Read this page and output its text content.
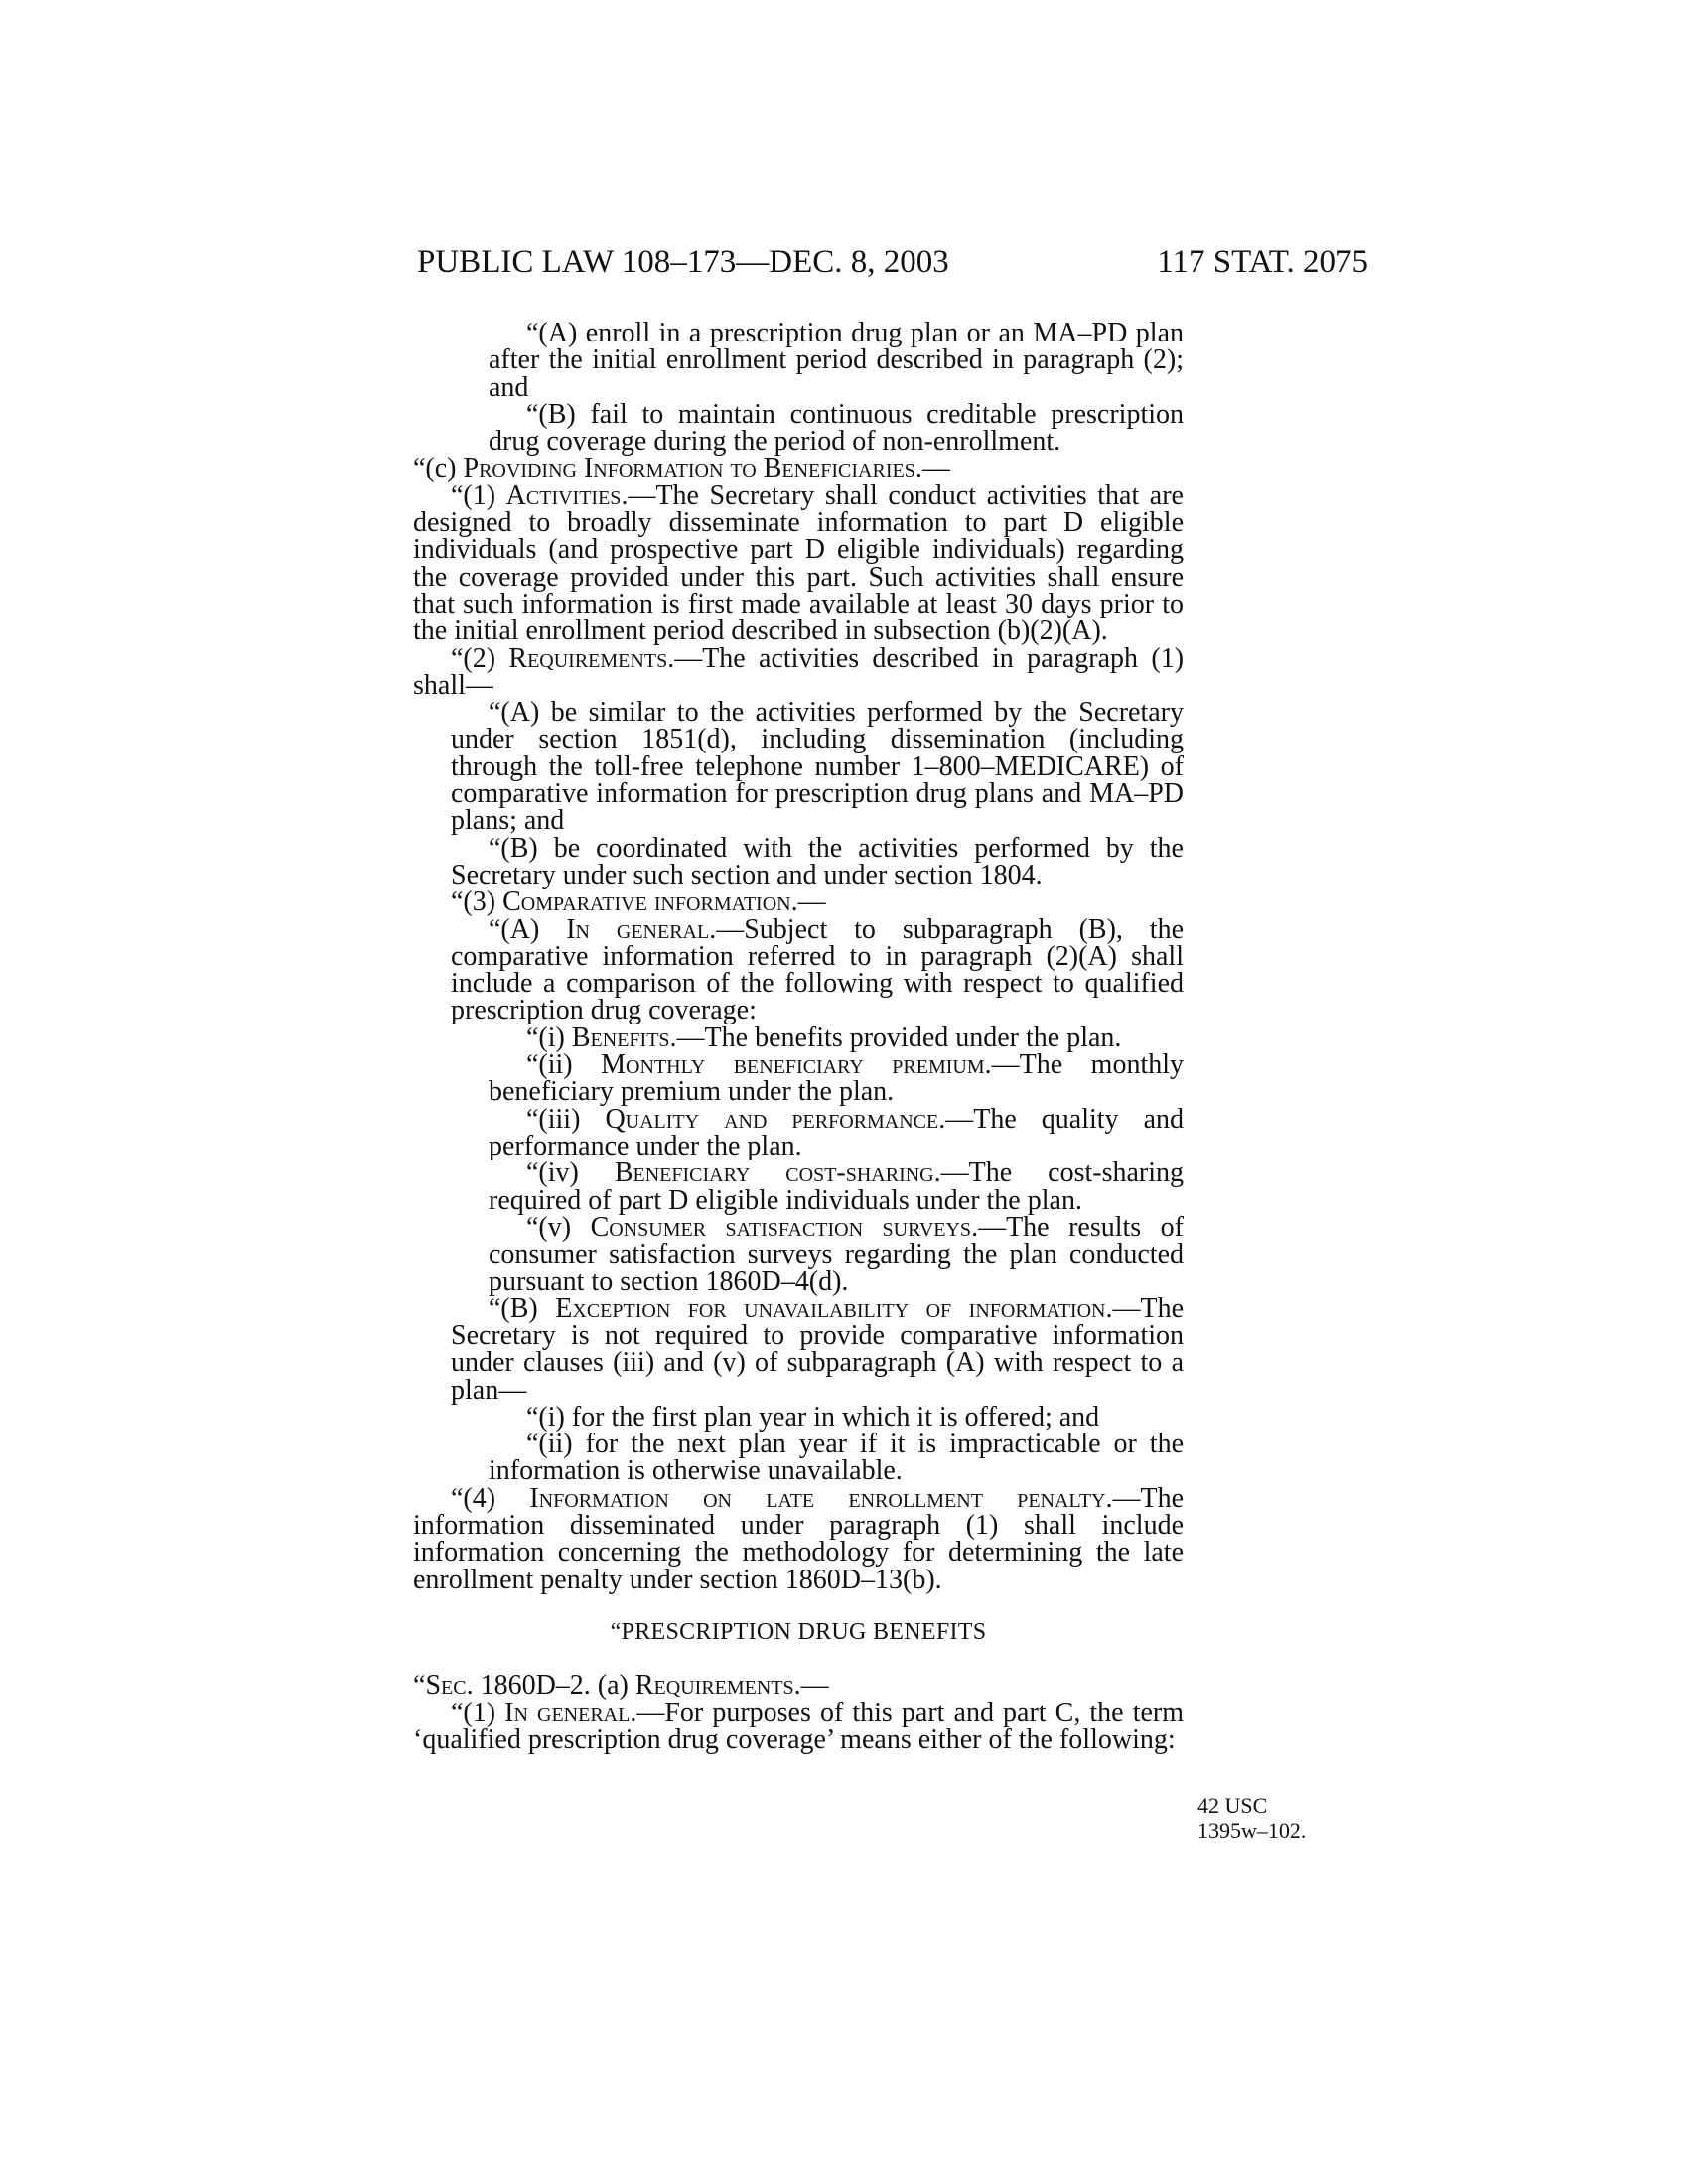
PUBLIC LAW 108–173—DEC. 8, 2003	117 STAT. 2075

“(A) enroll in a prescription drug plan or an MA–PD plan after the initial enrollment period described in paragraph (2); and

“(B) fail to maintain continuous creditable prescription drug coverage during the period of non-enrollment.

“(c) Providing Information to Beneficiaries.—

“(1) Activities.—The Secretary shall conduct activities that are designed to broadly disseminate information to part D eligible individuals (and prospective part D eligible individuals) regarding the coverage provided under this part. Such activities shall ensure that such information is first made available at least 30 days prior to the initial enrollment period described in subsection (b)(2)(A).

“(2) Requirements.—The activities described in paragraph (1) shall—

“(A) be similar to the activities performed by the Secretary under section 1851(d), including dissemination (including through the toll-free telephone number 1–800–MEDICARE) of comparative information for prescription drug plans and MA–PD plans; and

“(B) be coordinated with the activities performed by the Secretary under such section and under section 1804.

“(3) Comparative information.—

“(A) In general.—Subject to subparagraph (B), the comparative information referred to in paragraph (2)(A) shall include a comparison of the following with respect to qualified prescription drug coverage:

“(i) Benefits.—The benefits provided under the plan.

“(ii) Monthly beneficiary premium.—The monthly beneficiary premium under the plan.

“(iii) Quality and performance.—The quality and performance under the plan.

“(iv) Beneficiary cost-sharing.—The cost-sharing required of part D eligible individuals under the plan.

“(v) Consumer satisfaction surveys.—The results of consumer satisfaction surveys regarding the plan conducted pursuant to section 1860D–4(d).

“(B) Exception for unavailability of information.—The Secretary is not required to provide comparative information under clauses (iii) and (v) of subparagraph (A) with respect to a plan—

“(i) for the first plan year in which it is offered; and

“(ii) for the next plan year if it is impracticable or the information is otherwise unavailable.

“(4) Information on late enrollment penalty.—The information disseminated under paragraph (1) shall include information concerning the methodology for determining the late enrollment penalty under section 1860D–13(b).

“PRESCRIPTION DRUG BENEFITS

“Sec. 1860D–2. (a) Requirements.—

“(1) In general.—For purposes of this part and part C, the term ‘qualified prescription drug coverage’ means either of the following:

42 USC
1395w–102.
